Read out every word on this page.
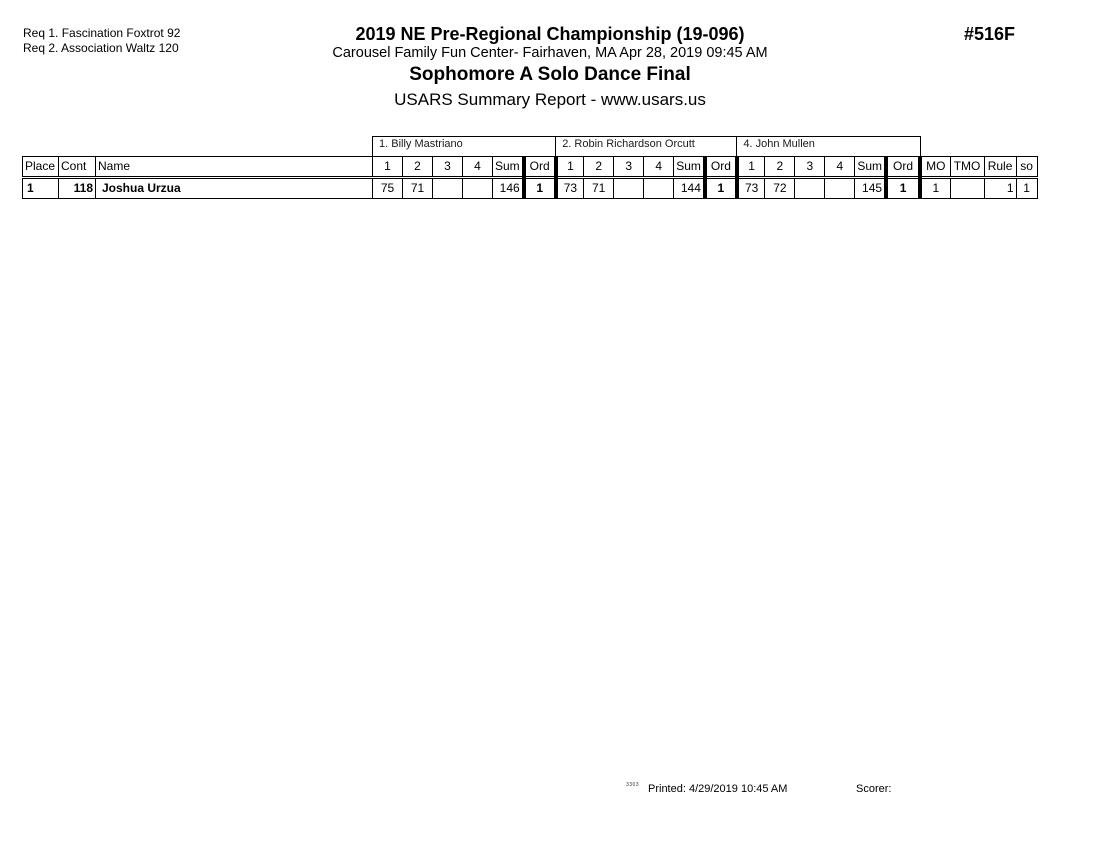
Req 1. Fascination Foxtrot 92
Req 2. Association Waltz 120
2019 NE Pre-Regional Championship (19-096)
Carousel Family Fun Center- Fairhaven, MA Apr 28, 2019 09:45 AM
Sophomore A Solo Dance Final
USARS Summary Report - www.usars.us
#516F
			1. Billy Mastriano						2. Robin Richardson Orcutt						4. John Mullen									
Place	Cont	Name	1	2	3	4	Sum	Ord	1	2	3	4	Sum	Ord	1	2	3	4	Sum	Ord	MO	TMO	Rule	so
1	118	Joshua Urzua	75	71			146	1	73	71			144	1	73	72			145	1	1		1	1
3303 Printed: 4/29/2019 10:45 AM	Scorer:
